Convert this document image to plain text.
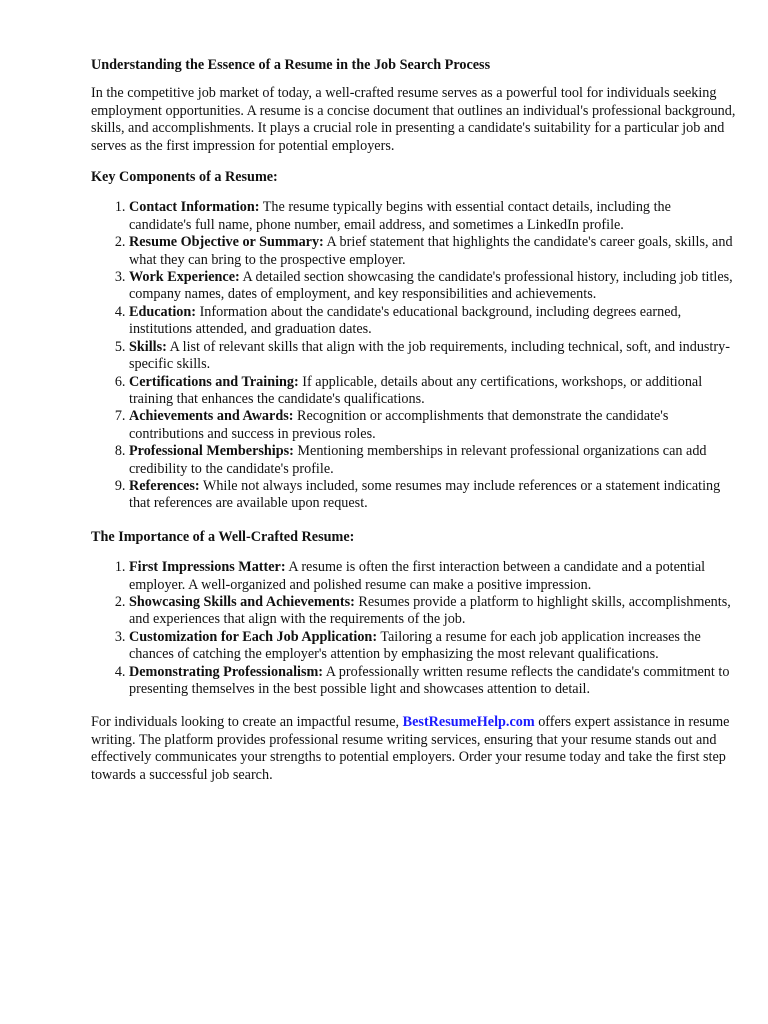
Understanding the Essence of a Resume in the Job Search Process
In the competitive job market of today, a well-crafted resume serves as a powerful tool for individuals seeking employment opportunities. A resume is a concise document that outlines an individual's professional background, skills, and accomplishments. It plays a crucial role in presenting a candidate's suitability for a particular job and serves as the first impression for potential employers.
Key Components of a Resume:
1. Contact Information: The resume typically begins with essential contact details, including the candidate's full name, phone number, email address, and sometimes a LinkedIn profile.
2. Resume Objective or Summary: A brief statement that highlights the candidate's career goals, skills, and what they can bring to the prospective employer.
3. Work Experience: A detailed section showcasing the candidate's professional history, including job titles, company names, dates of employment, and key responsibilities and achievements.
4. Education: Information about the candidate's educational background, including degrees earned, institutions attended, and graduation dates.
5. Skills: A list of relevant skills that align with the job requirements, including technical, soft, and industry-specific skills.
6. Certifications and Training: If applicable, details about any certifications, workshops, or additional training that enhances the candidate's qualifications.
7. Achievements and Awards: Recognition or accomplishments that demonstrate the candidate's contributions and success in previous roles.
8. Professional Memberships: Mentioning memberships in relevant professional organizations can add credibility to the candidate's profile.
9. References: While not always included, some resumes may include references or a statement indicating that references are available upon request.
The Importance of a Well-Crafted Resume:
1. First Impressions Matter: A resume is often the first interaction between a candidate and a potential employer. A well-organized and polished resume can make a positive impression.
2. Showcasing Skills and Achievements: Resumes provide a platform to highlight skills, accomplishments, and experiences that align with the requirements of the job.
3. Customization for Each Job Application: Tailoring a resume for each job application increases the chances of catching the employer's attention by emphasizing the most relevant qualifications.
4. Demonstrating Professionalism: A professionally written resume reflects the candidate's commitment to presenting themselves in the best possible light and showcases attention to detail.
For individuals looking to create an impactful resume, BestResumeHelp.com offers expert assistance in resume writing. The platform provides professional resume writing services, ensuring that your resume stands out and effectively communicates your strengths to potential employers. Order your resume today and take the first step towards a successful job search.
